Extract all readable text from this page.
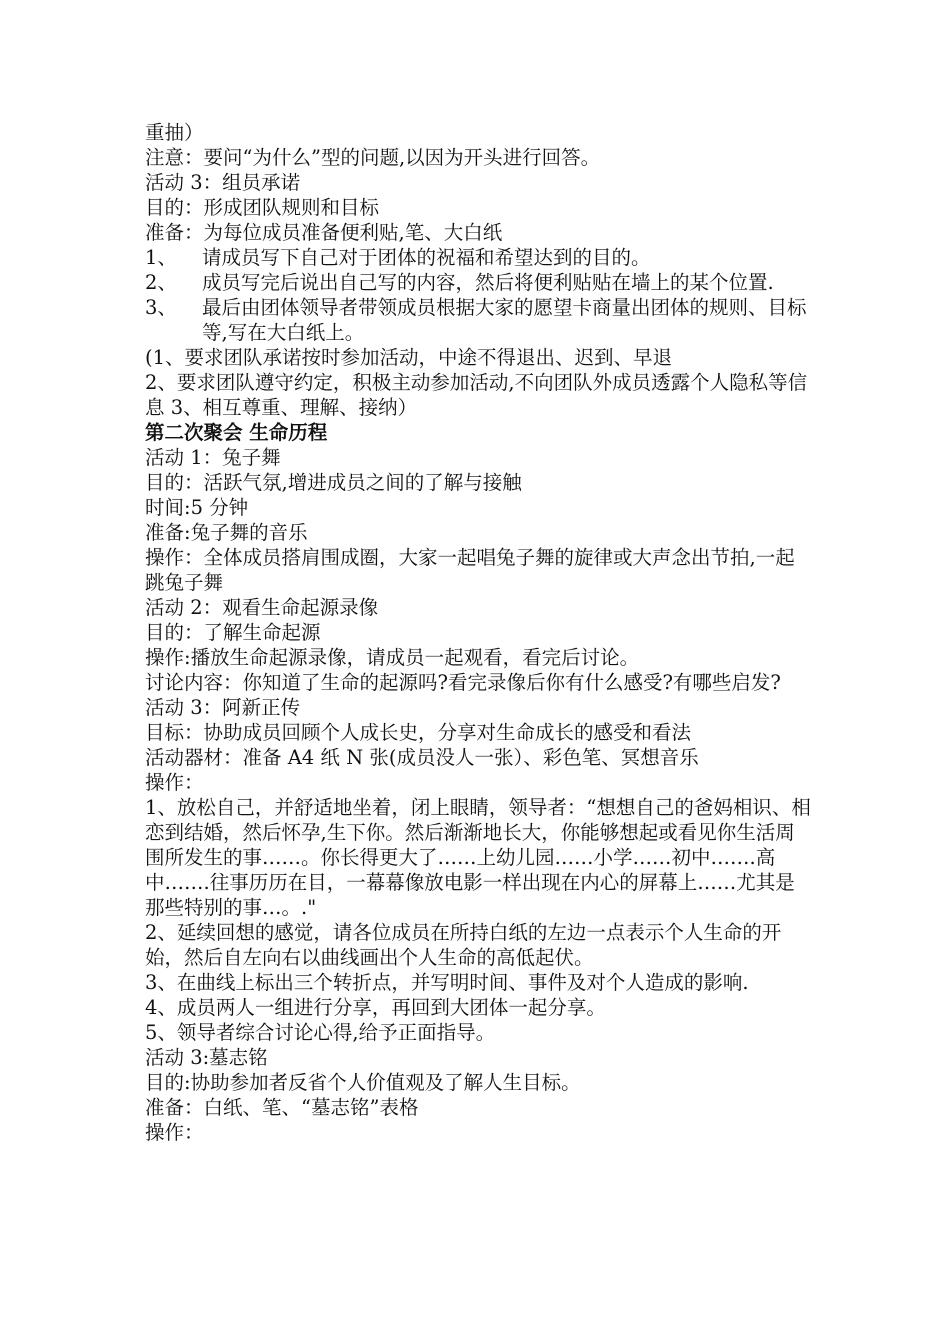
重抽）

注意：要问“为什么”型的问题,以因为开头进行回答。

活动 3：组员承诺

目的：形成团队规则和目标

准备：为每位成员准备便利贴,笔、大白纸

1、 请成员写下自己对于团体的祝福和希望达到的目的。
2、 成员写完后说出自己写的内容，然后将便利贴贴在墙上的某个位置.
3、 最后由团体领导者带领成员根据大家的愿望卡商量出团体的规则、目标等,写在大白纸上。

(1、要求团队承诺按时参加活动，中途不得退出、迟到、早退

2、要求团队遵守约定，积极主动参加活动,不向团队外成员透露个人隐私等信息 3、相互尊重、理解、接纳）

第二次聚会 生命历程

活动 1：兔子舞

目的：活跃气氛,增进成员之间的了解与接触

时间:5 分钟

准备:兔子舞的音乐

操作：全体成员搭肩围成圈，大家一起唱兔子舞的旋律或大声念出节拍,一起跳兔子舞

活动 2：观看生命起源录像

目的：了解生命起源

操作:播放生命起源录像，请成员一起观看，看完后讨论。

讨论内容：你知道了生命的起源吗?看完录像后你有什么感受?有哪些启发?

活动 3：阿新正传

目标：协助成员回顾个人成长史，分享对生命成长的感受和看法

活动器材：准备 A4 纸 N 张(成员没人一张）、彩色笔、冥想音乐

操作：

1、放松自己，并舒适地坐着，闭上眼睛，领导者：“想想自己的爸妈相识、相恋到结婚，然后怀孕,生下你。然后渐渐地长大，你能够想起或看见你生活周围所发生的事……。你长得更大了……上幼儿园……小学……初中…….高中…….往事历历在目，一幕幕像放电影一样出现在内心的屏幕上……尤其是那些特别的事…。."

2、延续回想的感觉，请各位成员在所持白纸的左边一点表示个人生命的开始，然后自左向右以曲线画出个人生命的高低起伏。

3、在曲线上标出三个转折点，并写明时间、事件及对个人造成的影响.

4、成员两人一组进行分享，再回到大团体一起分享。

5、领导者综合讨论心得,给予正面指导。

活动 3:墓志铭

目的:协助参加者反省个人价值观及了解人生目标。

准备：白纸、笔、“墓志铭”表格

操作：
